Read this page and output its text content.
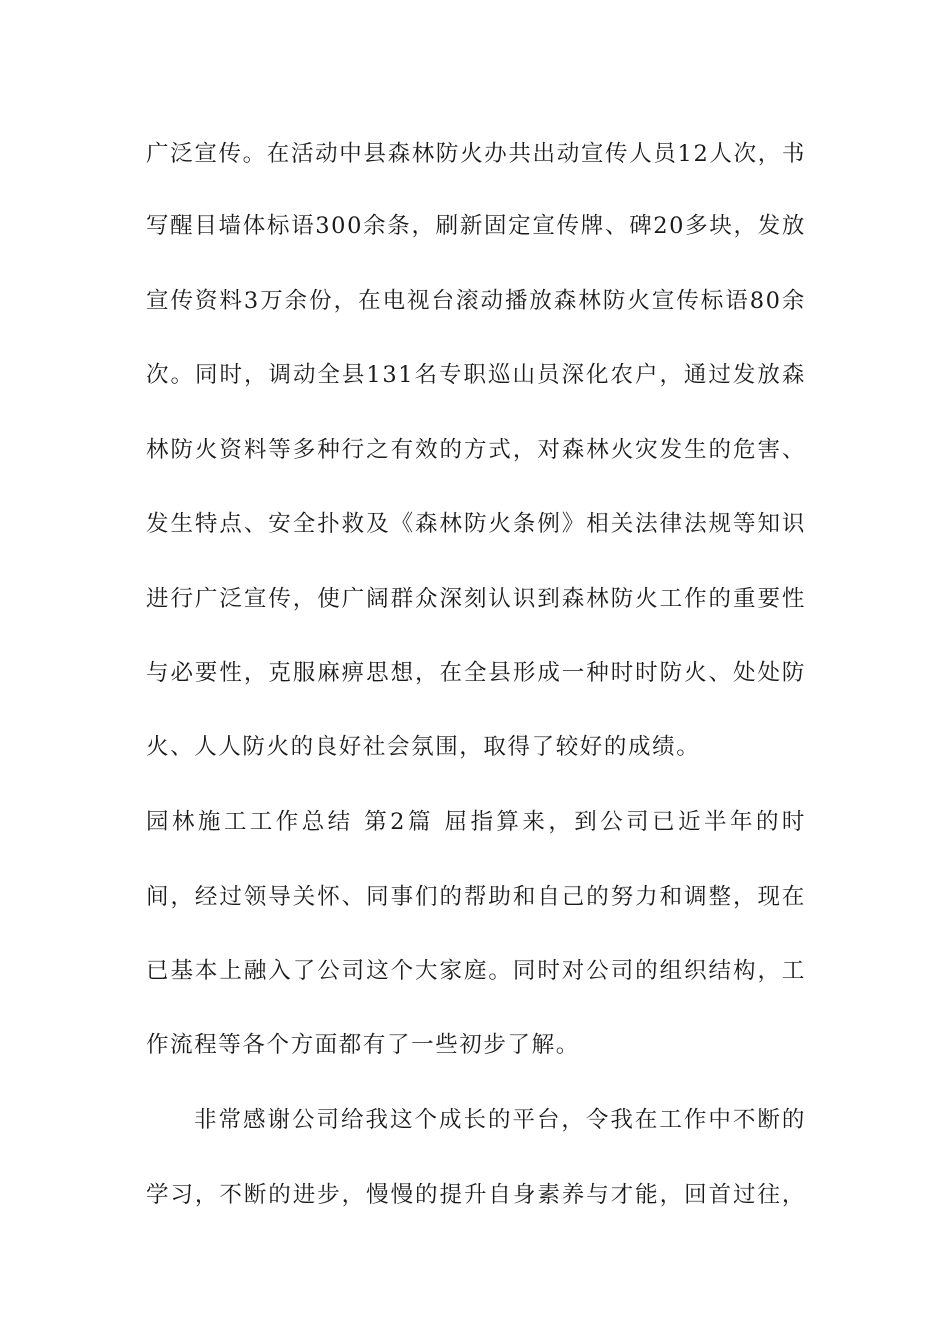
广泛宣传。在活动中县森林防火办共出动宣传人员12人次，书
写醒目墙体标语300余条，刷新固定宣传牌、碑20多块，发放
宣传资料3万余份，在电视台滚动播放森林防火宣传标语80余
次。同时，调动全县131名专职巡山员深化农户，通过发放森
林防火资料等多种行之有效的方式，对森林火灾发生的危害、
发生特点、安全扑救及《森林防火条例》相关法律法规等知识
进行广泛宣传，使广阔群众深刻认识到森林防火工作的重要性
与必要性，克服麻痹思想，在全县形成一种时时防火、处处防
火、人人防火的良好社会氛围，取得了较好的成绩。
园林施工工作总结 第2篇 屈指算来，到公司已近半年的时
间，经过领导关怀、同事们的帮助和自己的努力和调整，现在
已基本上融入了公司这个大家庭。同时对公司的组织结构，工
作流程等各个方面都有了一些初步了解。
非常感谢公司给我这个成长的平台，令我在工作中不断的
学习，不断的进步，慢慢的提升自身素养与才能，回首过往，
